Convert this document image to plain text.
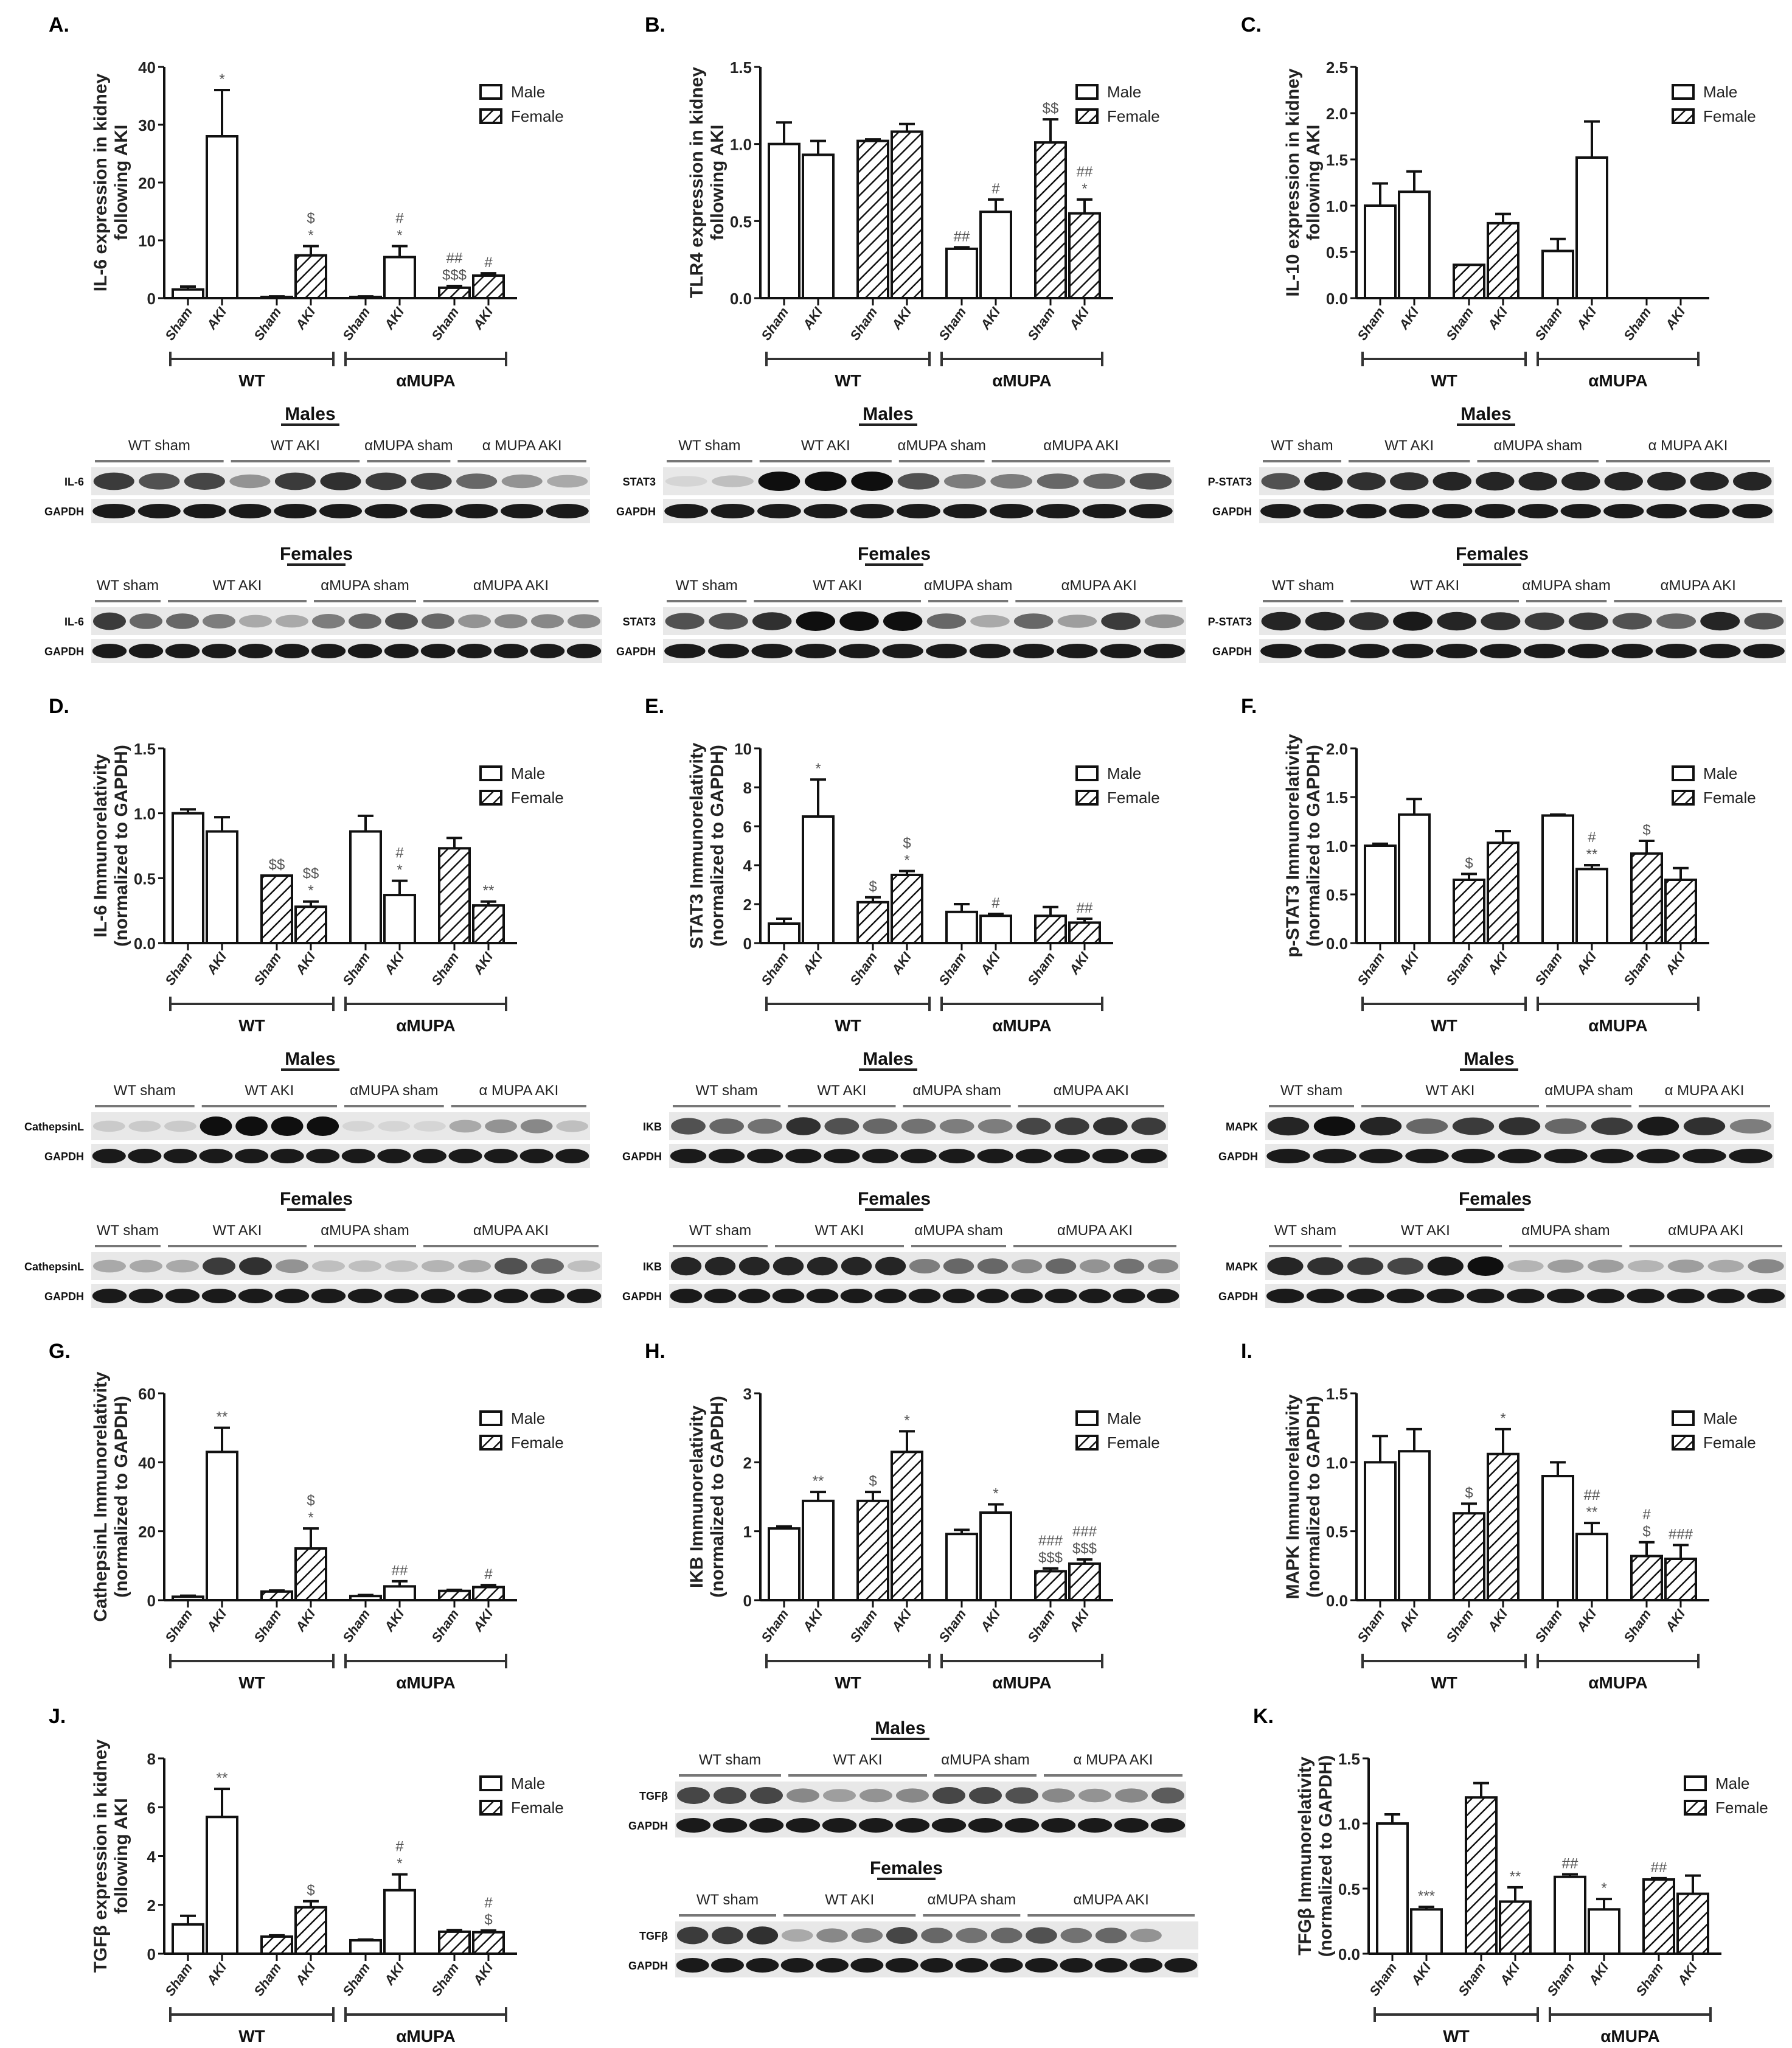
A.
0
10
20
30
40
IL-6 expression in kidney following AKI
Sham
*
AKI Sham
*
$
AKI Sham
*
#
AKI
$$$
##
Sham
#
AKI
WT	αMUPA
Male
Female
B.
0.0
0.5
1.0
1.5
TLR4 expression in kidney following AKI
Sham AKI Sham AKI
##
Sham
#
AKI
$$
Sham
*
##
AKI
WT	αMUPA
Male
Female
C.
0.0
0.5
1.0
1.5
2.0
2.5
IL-10 expression in kidney following AKI
Sham AKI Sham AKI Sham AKI Sham AKI
WT	αMUPA
Male
Female
Males
WT sham	WT AKI	αMUPA sham α MUPA AKI
IL-6
GAPDH
Females
WT sham	WT AKI	αMUPA sham	αMUPA AKI
IL-6
GAPDH
Males
WT sham	WT AKI	αMUPA sham	αMUPA AKI
STAT3
GAPDH
Females
WT sham	WT AKI	αMUPA sham	αMUPA AKI
STAT3
GAPDH
Males
WT sham	WT AKI	αMUPA sham	α MUPA AKI
P-STAT3
GAPDH
Females
WT sham	WT AKI	αMUPA sham	αMUPA AKI
P-STAT3
GAPDH
D.
0.0
0.5
1.0
1.5
IL-6 Immunorelativity (normalized to GAPDH)
Sham AKI
$$
Sham
*
$$
AKI Sham
*
#
AKI Sham
**
AKI
WT	αMUPA
Male
Female
E.
0
2
4
6
8
10
STAT3 Immunorelativity (normalized to GAPDH)
Sham
*
AKI
$
Sham
*
$
AKI Sham
#
AKI Sham
##
AKI
WT	αMUPA
Male
Female
F.
0.0
0.5
1.0
1.5
2.0
p-STAT3 Immunorelativity (normalized to GAPDH)
Sham AKI
$
Sham AKI Sham
**
#
AKI
$
Sham AKI
WT	αMUPA
Male
Female
Males
WT sham	WT AKI	αMUPA sham	α MUPA AKI
CathepsinL
GAPDH
Females
WT sham	WT AKI	αMUPA sham	αMUPA AKI
CathepsinL
GAPDH
Males
WT sham	WT AKI	αMUPA sham	αMUPA AKI
IKB
GAPDH
Females
WT sham	WT AKI	αMUPA sham	αMUPA AKI
IKB
GAPDH
Males
WT sham	WT AKI	αMUPA sham α MUPA AKI
MAPK
GAPDH
Females
WT sham	WT AKI	αMUPA sham	αMUPA AKI
MAPK
GAPDH
G.
0
20
40
60
CathepsinL Immunorelativity (normalized to GAPDH)
Sham
**
AKI Sham
*
$
AKI Sham
##
AKI Sham
#
AKI
WT	αMUPA
Male
Female
H.
0
1
2
3
IKB Immunorelativity (normalized to GAPDH)
Sham
**
AKI
$
Sham
*
AKI Sham
*
AKI
$$$
###
Sham
$$$
###
AKI
WT	αMUPA
Male
Female
I.
0.0
0.5
1.0
1.5
MAPK Immunorelativity (normalized to GAPDH)
Sham AKI
$
Sham
*
AKI Sham
**
##
AKI
$
#
Sham
###
AKI
WT	αMUPA
Male
Female
J.
0
2
4
6
8
TGFβ expression in kidney following AKI
Sham
**
AKI Sham
$
AKI Sham
*
#
AKI Sham
$
#
AKI
WT	αMUPA
Male
Female
Males
WT sham	WT AKI	αMUPA sham	α MUPA AKI
TGFβ
GAPDH
Females
WT sham	WT AKI	αMUPA sham	αMUPA AKI
TGFβ
GAPDH
K.
0.0
0.5
1.0
1.5
TFGβ Immunorelativity (normalized to GAPDH)
Sham
***
AKI Sham
**
AKI
##
Sham
*
AKI
##
Sham AKI
WT	αMUPA
Male
Female
